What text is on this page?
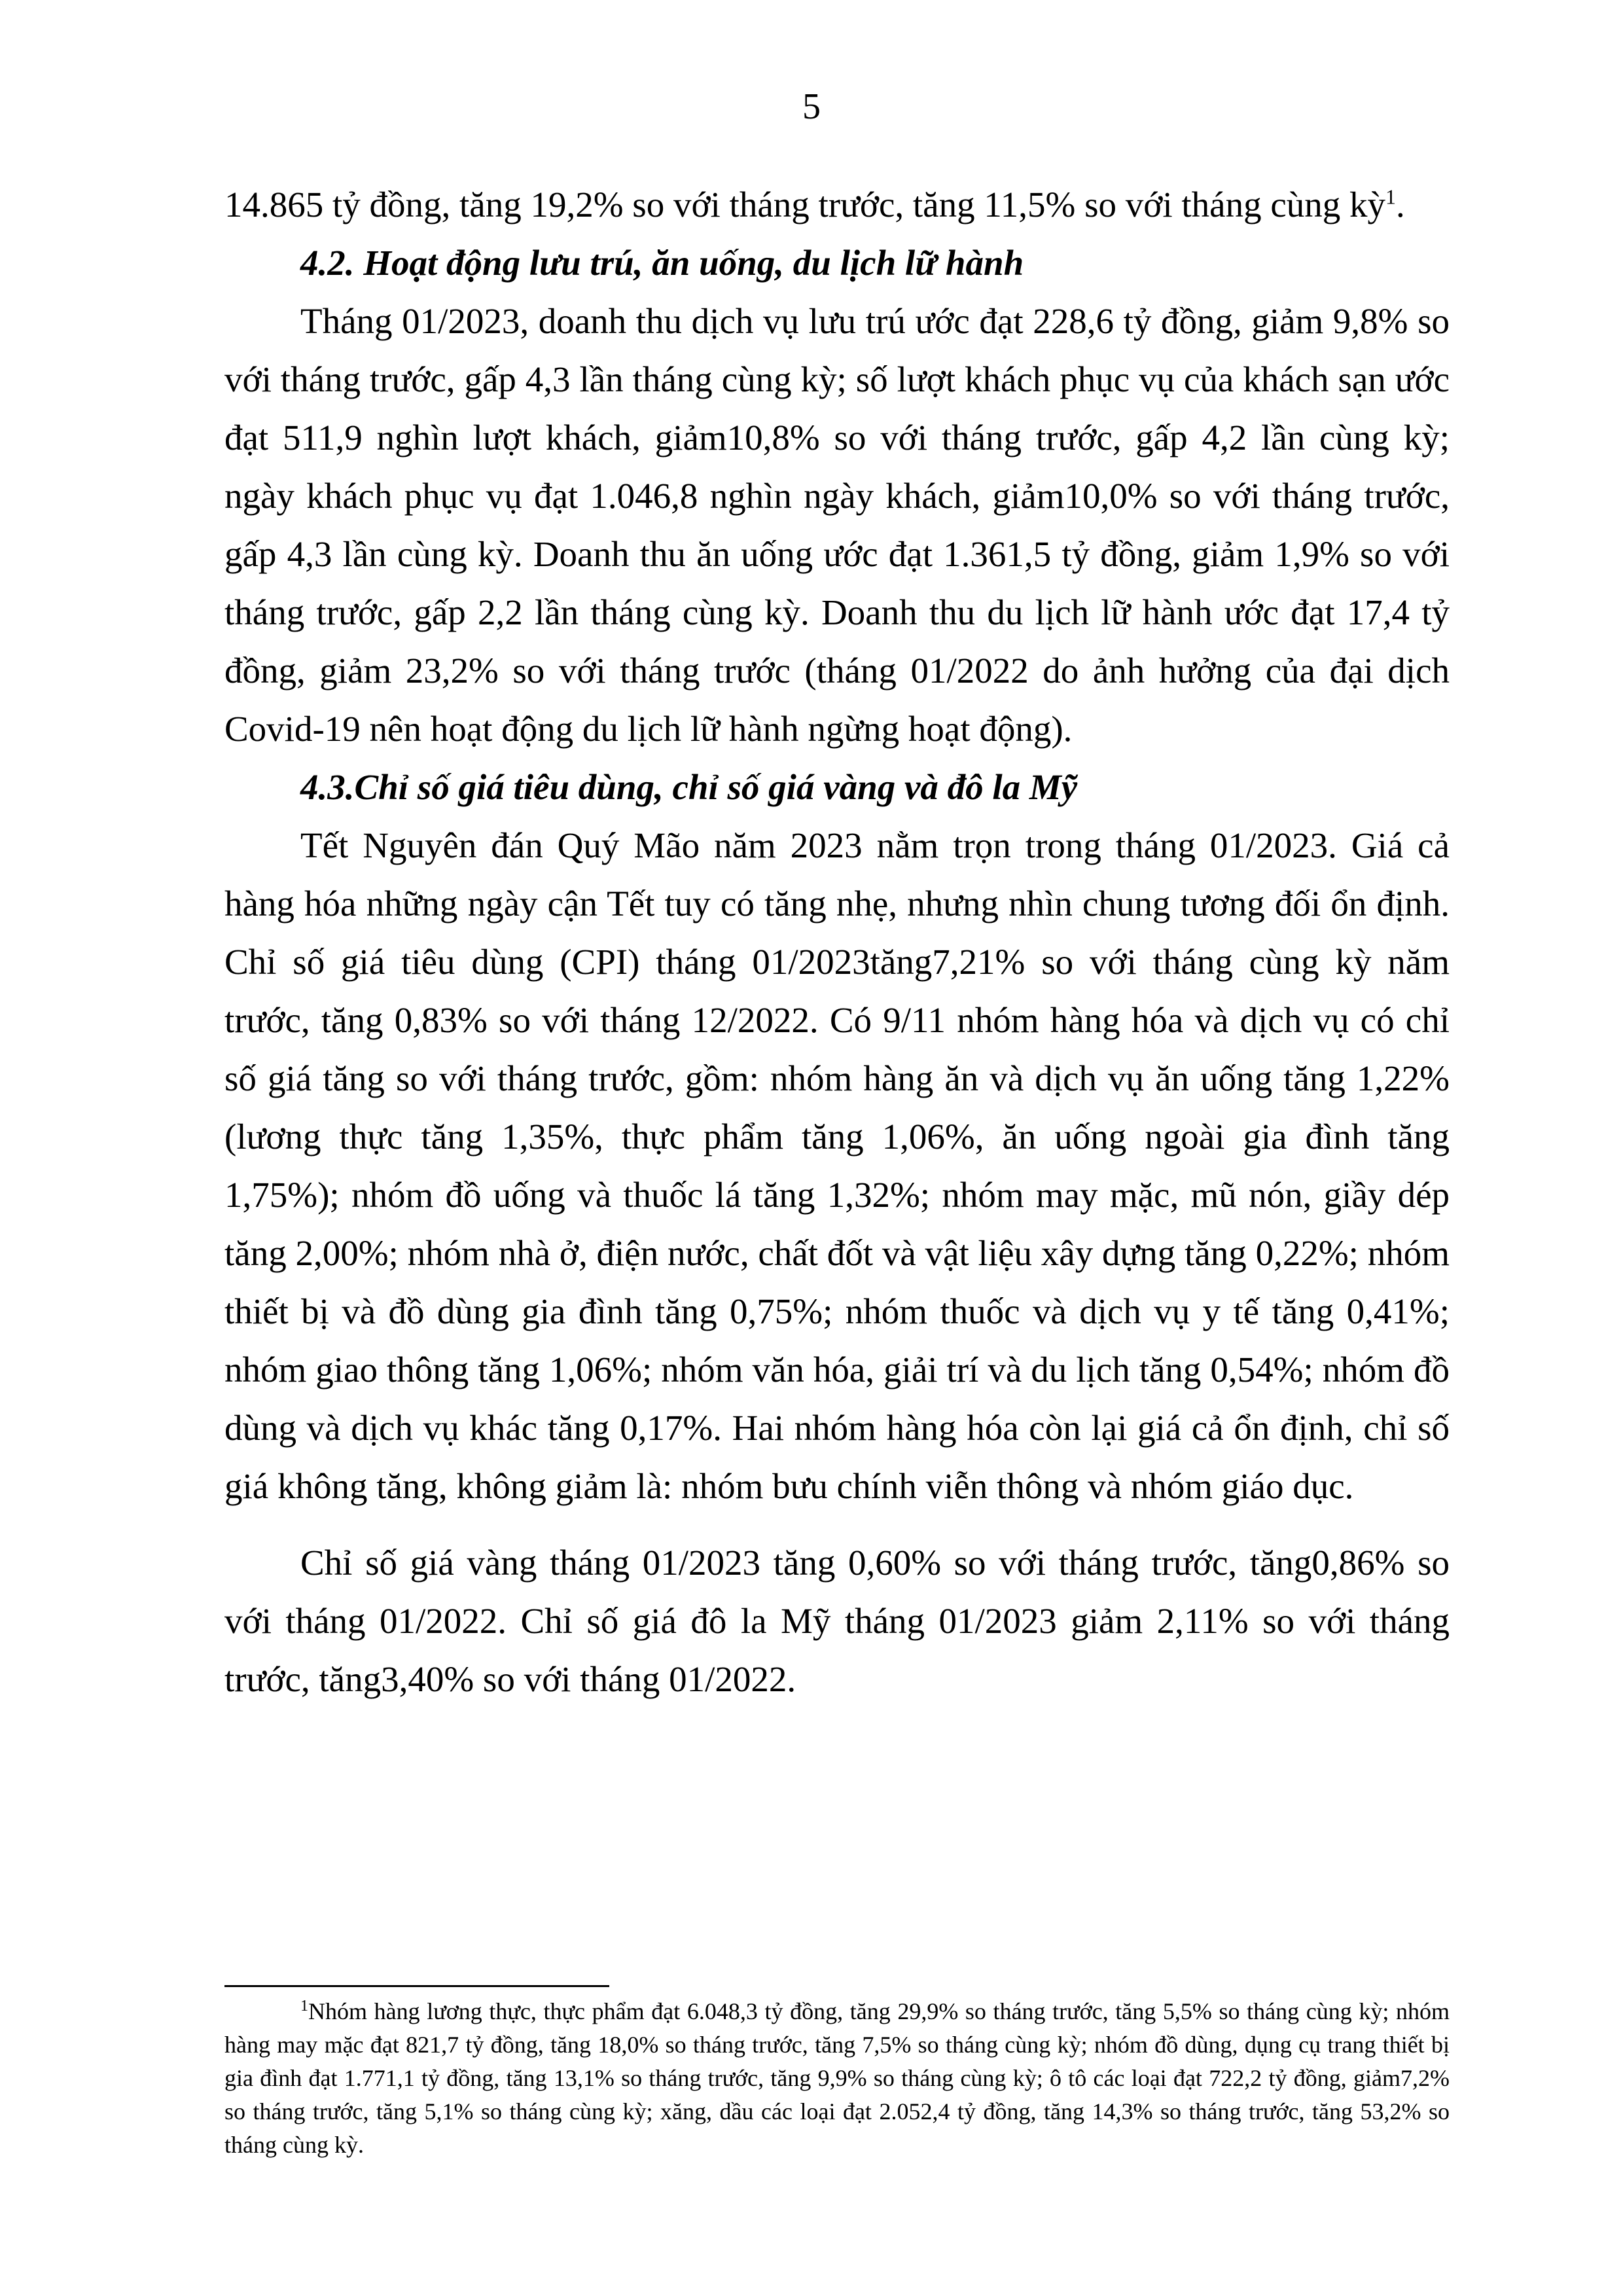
5

14.865 tỷ đồng, tăng 19,2% so với tháng trước, tăng 11,5% so với tháng cùng kỳ$^1$.

4.2. Hoạt động lưu trú, ăn uống, du lịch lữ hành

Tháng 01/2023, doanh thu dịch vụ lưu trú ước đạt 228,6 tỷ đồng, giảm 9,8% so với tháng trước, gấp 4,3 lần tháng cùng kỳ; số lượt khách phục vụ của khách sạn ước đạt 511,9 nghìn lượt khách, giảm10,8% so với tháng trước, gấp 4,2 lần cùng kỳ; ngày khách phục vụ đạt 1.046,8 nghìn ngày khách, giảm10,0% so với tháng trước, gấp 4,3 lần cùng kỳ. Doanh thu ăn uống ước đạt 1.361,5 tỷ đồng, giảm 1,9% so với tháng trước, gấp 2,2 lần tháng cùng kỳ. Doanh thu du lịch lữ hành ước đạt 17,4 tỷ đồng, giảm 23,2% so với tháng trước (tháng 01/2022 do ảnh hưởng của đại dịch Covid-19 nên hoạt động du lịch lữ hành ngừng hoạt động).

4.3.Chỉ số giá tiêu dùng, chỉ số giá vàng và đô la Mỹ

Tết Nguyên đán Quý Mão năm 2023 nằm trọn trong tháng 01/2023. Giá cả hàng hóa những ngày cận Tết tuy có tăng nhẹ, nhưng nhìn chung tương đối ổn định. Chỉ số giá tiêu dùng (CPI) tháng 01/2023tăng7,21% so với tháng cùng kỳ năm trước, tăng 0,83% so với tháng 12/2022. Có 9/11 nhóm hàng hóa và dịch vụ có chỉ số giá tăng so với tháng trước, gồm: nhóm hàng ăn và dịch vụ ăn uống tăng 1,22% (lương thực tăng 1,35%, thực phẩm tăng 1,06%, ăn uống ngoài gia đình tăng 1,75%); nhóm đồ uống và thuốc lá tăng 1,32%; nhóm may mặc, mũ nón, giầy dép tăng 2,00%; nhóm nhà ở, điện nước, chất đốt và vật liệu xây dựng tăng 0,22%; nhóm thiết bị và đồ dùng gia đình tăng 0,75%; nhóm thuốc và dịch vụ y tế tăng 0,41%; nhóm giao thông tăng 1,06%; nhóm văn hóa, giải trí và du lịch tăng 0,54%; nhóm đồ dùng và dịch vụ khác tăng 0,17%. Hai nhóm hàng hóa còn lại giá cả ổn định, chỉ số giá không tăng, không giảm là: nhóm bưu chính viễn thông và nhóm giáo dục.

Chỉ số giá vàng tháng 01/2023 tăng 0,60% so với tháng trước, tăng0,86% so với tháng 01/2022. Chỉ số giá đô la Mỹ tháng 01/2023 giảm 2,11% so với tháng trước, tăng3,40% so với tháng 01/2022.

$^1$Nhóm hàng lương thực, thực phẩm đạt 6.048,3 tỷ đồng, tăng 29,9% so tháng trước, tăng 5,5% so tháng cùng kỳ; nhóm hàng may mặc đạt 821,7 tỷ đồng, tăng 18,0% so tháng trước, tăng 7,5% so tháng cùng kỳ; nhóm đồ dùng, dụng cụ trang thiết bị gia đình đạt 1.771,1 tỷ đồng, tăng 13,1% so tháng trước, tăng 9,9% so tháng cùng kỳ; ô tô các loại đạt 722,2 tỷ đồng, giảm7,2% so tháng trước, tăng 5,1% so tháng cùng kỳ; xăng, dầu các loại đạt 2.052,4 tỷ đồng, tăng 14,3% so tháng trước, tăng 53,2% so tháng cùng kỳ.
